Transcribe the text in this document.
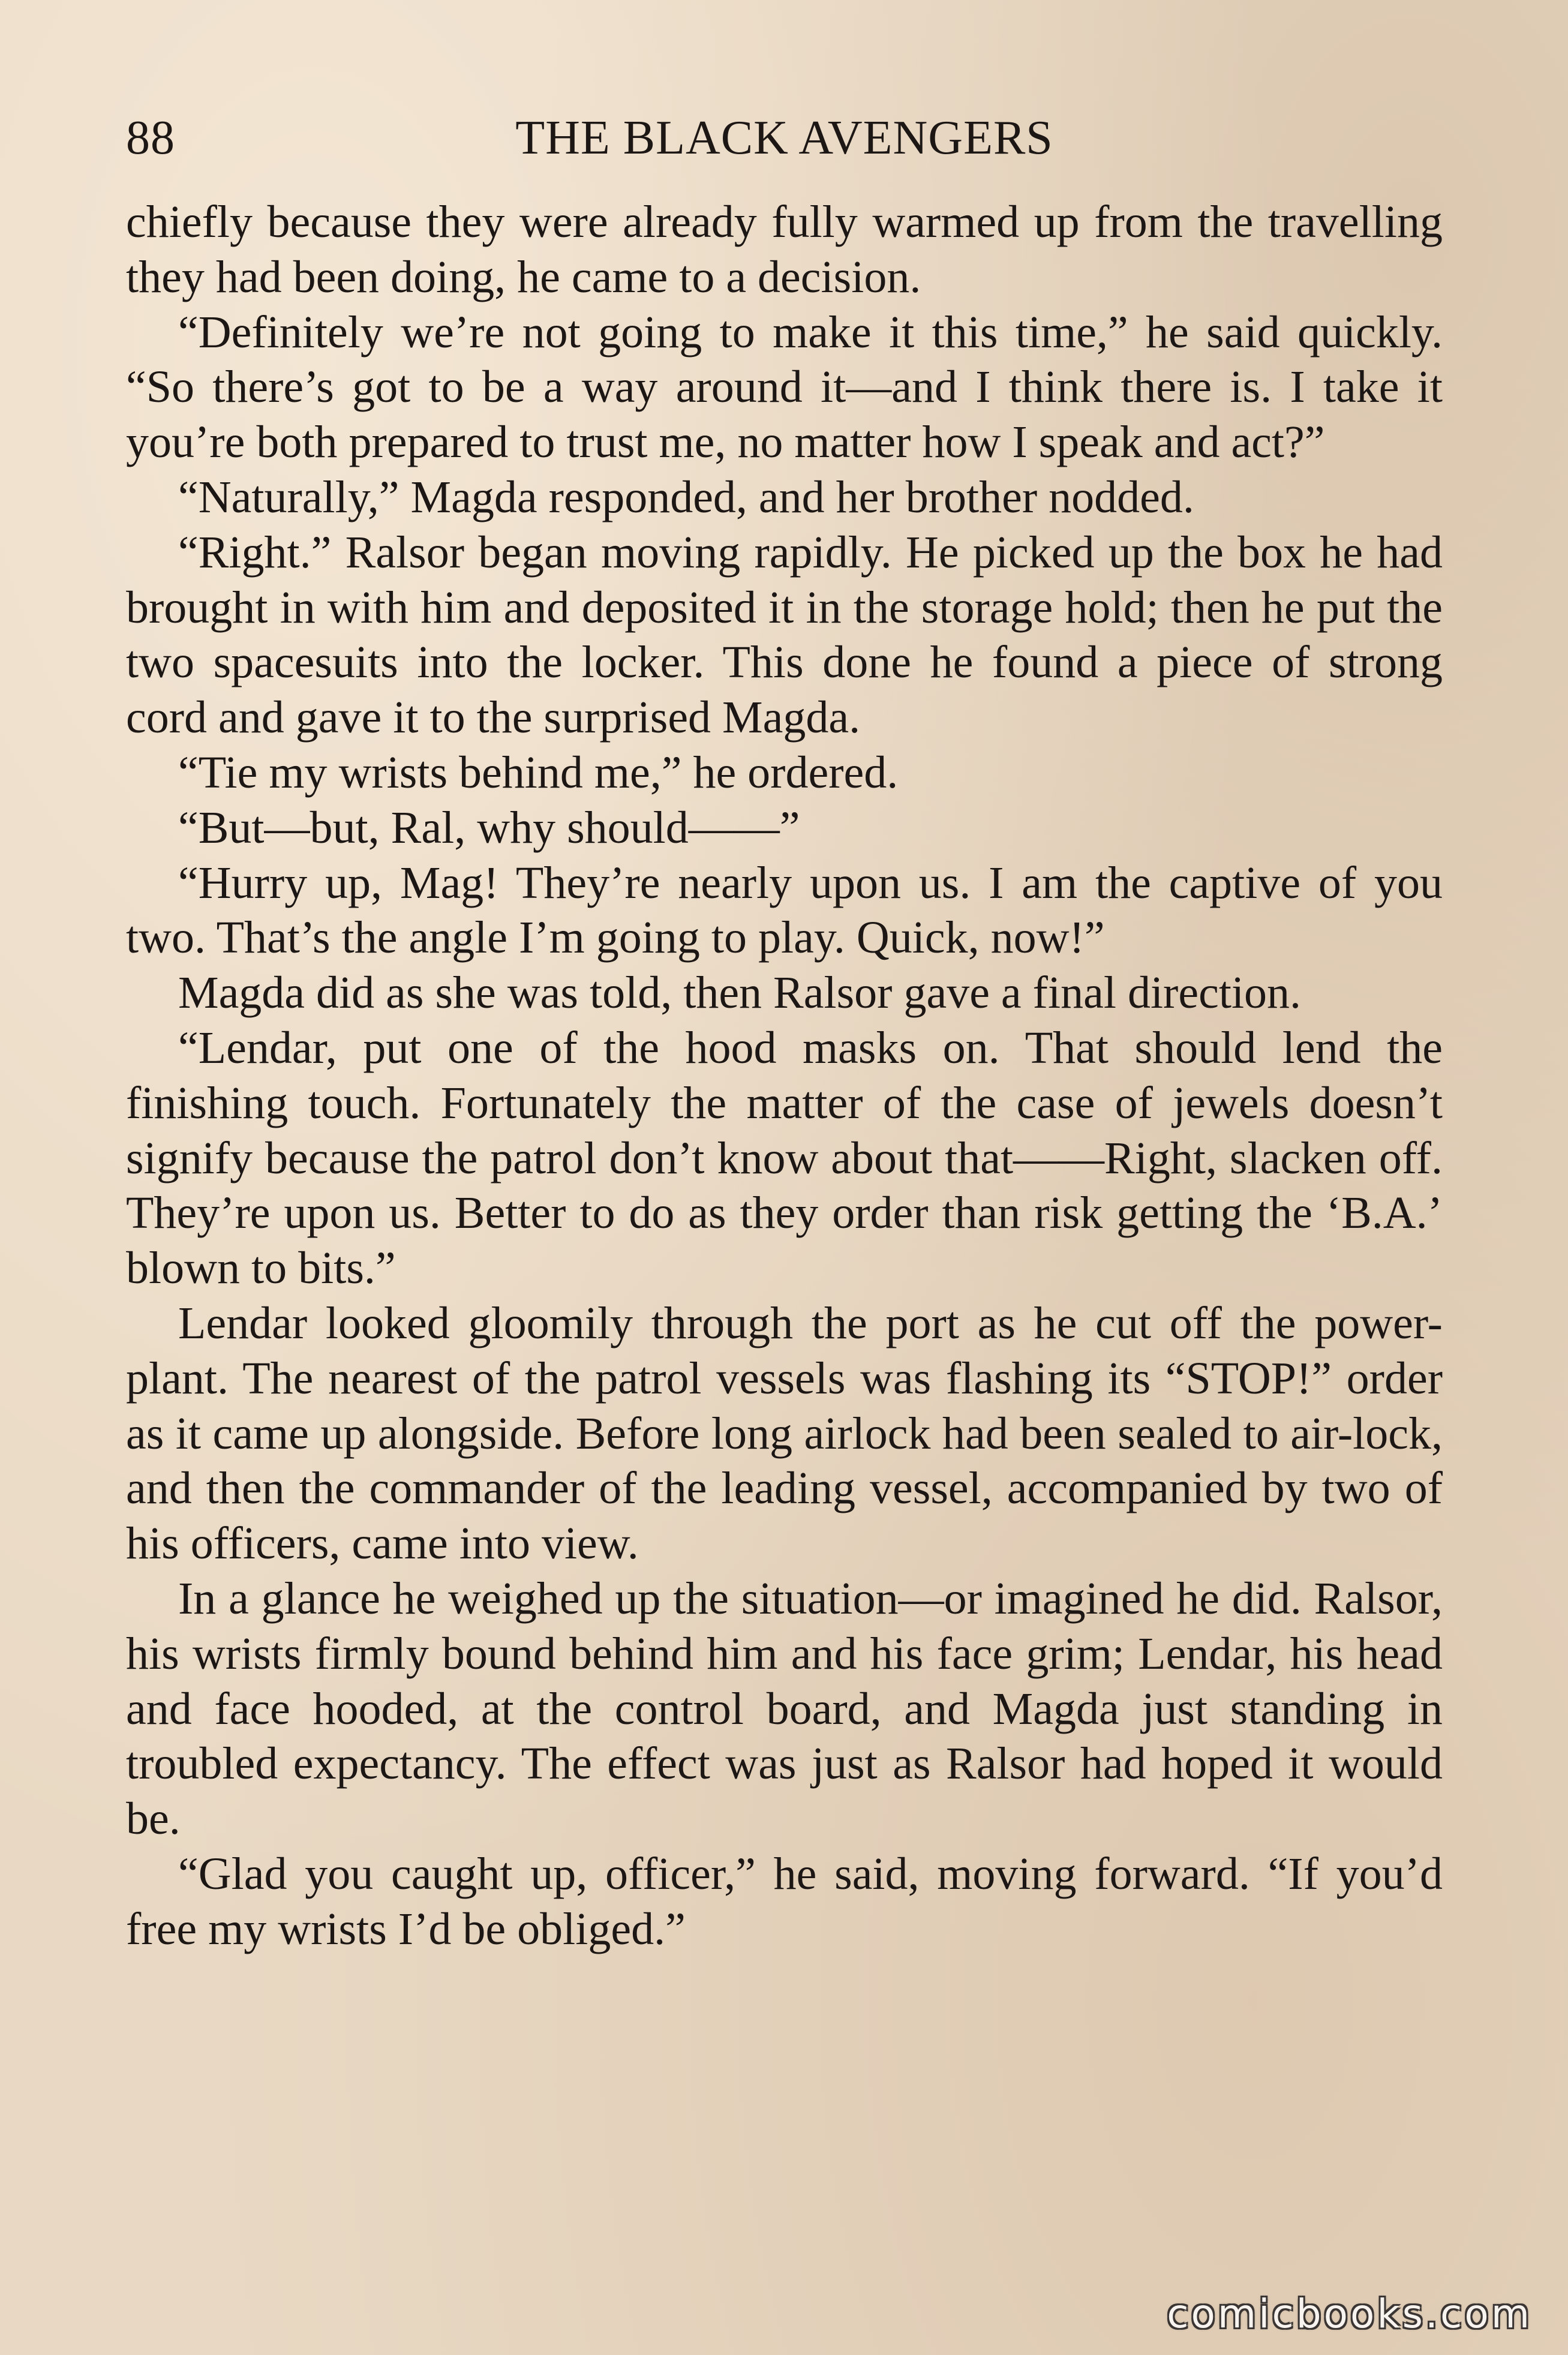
88	THE BLACK AVENGERS

chiefly because they were already fully warmed up from the travelling they had been doing, he came to a decision.

“Definitely we’re not going to make it this time,” he said quickly. “So there’s got to be a way around it—and I think there is. I take it you’re both prepared to trust me, no matter how I speak and act?”

“Naturally,” Magda responded, and her brother nodded.

“Right.” Ralsor began moving rapidly. He picked up the box he had brought in with him and deposited it in the storage hold; then he put the two spacesuits into the locker. This done he found a piece of strong cord and gave it to the surprised Magda.

“Tie my wrists behind me,” he ordered.

“But—but, Ral, why should——”

“Hurry up, Mag! They’re nearly upon us. I am the captive of you two. That’s the angle I’m going to play. Quick, now!”

Magda did as she was told, then Ralsor gave a final direction.

“Lendar, put one of the hood masks on. That should lend the finishing touch. Fortunately the matter of the case of jewels doesn’t signify because the patrol don’t know about that——Right, slacken off. They’re upon us. Better to do as they order than risk getting the ‘B.A.’ blown to bits.”

Lendar looked gloomily through the port as he cut off the power-plant. The nearest of the patrol vessels was flashing its “STOP!” order as it came up alongside. Before long airlock had been sealed to air-lock, and then the commander of the leading vessel, accompanied by two of his officers, came into view.

In a glance he weighed up the situation—or imagined he did. Ralsor, his wrists firmly bound behind him and his face grim; Lendar, his head and face hooded, at the control board, and Magda just standing in troubled expectancy. The effect was just as Ralsor had hoped it would be.

“Glad you caught up, officer,” he said, moving forward. “If you’d free my wrists I’d be obliged.”

comicbooks.com
